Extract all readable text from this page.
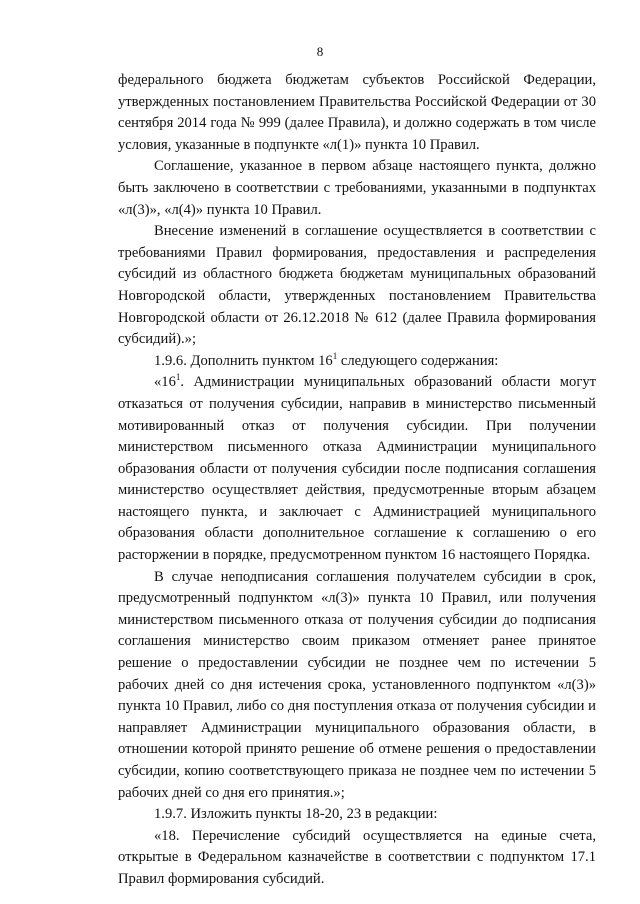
8

федерального бюджета бюджетам субъектов Российской Федерации, утвержденных постановлением Правительства Российской Федерации от 30 сентября 2014 года № 999 (далее Правила), и должно содержать в том числе условия, указанные в подпункте «л(1)» пункта 10 Правил.

Соглашение, указанное в первом абзаце настоящего пункта, должно быть заключено в соответствии с требованиями, указанными в подпунктах «л(3)», «л(4)» пункта 10 Правил.

Внесение изменений в соглашение осуществляется в соответствии с требованиями Правил формирования, предоставления и распределения субсидий из областного бюджета бюджетам муниципальных образований Новгородской области, утвержденных постановлением Правительства Новгородской области от 26.12.2018 № 612 (далее Правила формирования субсидий).»;

1.9.6. Дополнить пунктом $16^1$ следующего содержания:

«$16^1$. Администрации муниципальных образований области могут отказаться от получения субсидии, направив в министерство письменный мотивированный отказ от получения субсидии. При получении министерством письменного отказа Администрации муниципального образования области от получения субсидии после подписания соглашения министерство осуществляет действия, предусмотренные вторым абзацем настоящего пункта, и заключает с Администрацией муниципального образования области дополнительное соглашение к соглашению о его расторжении в порядке, предусмотренном пунктом 16 настоящего Порядка.

В случае неподписания соглашения получателем субсидии в срок, предусмотренный подпунктом «л(3)» пункта 10 Правил, или получения министерством письменного отказа от получения субсидии до подписания соглашения министерство своим приказом отменяет ранее принятое решение о предоставлении субсидии не позднее чем по истечении 5 рабочих дней со дня истечения срока, установленного подпунктом «л(3)» пункта 10 Правил, либо со дня поступления отказа от получения субсидии и направляет Администрации муниципального образования области, в отношении которой принято решение об отмене решения о предоставлении субсидии, копию соответствующего приказа не позднее чем по истечении 5 рабочих дней со дня его принятия.»;

1.9.7. Изложить пункты 18-20, 23 в редакции:

«18. Перечисление субсидий осуществляется на единые счета, открытые в Федеральном казначействе в соответствии с подпунктом 17.1 Правил формирования субсидий.
